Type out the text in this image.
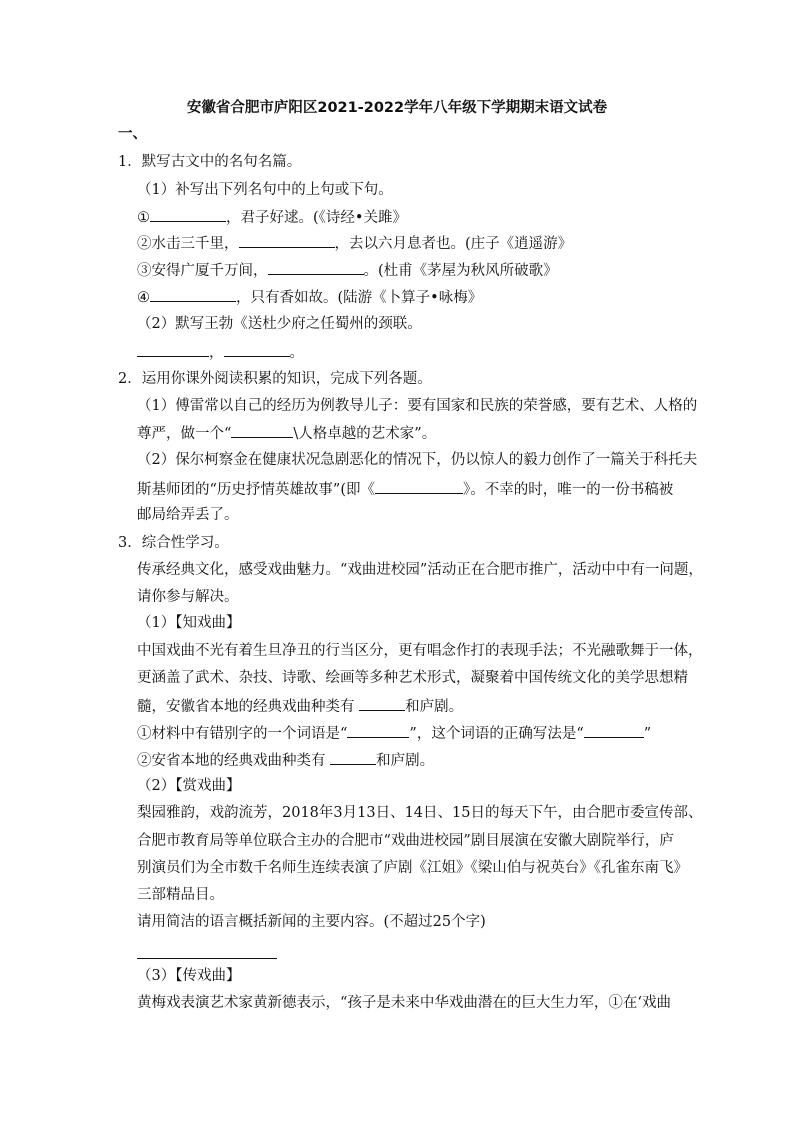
安徽省合肥市庐阳区2021-2022学年八年级下学期期末语文试卷
一、
1．默写古文中的名句名篇。
（1）补写出下列名句中的上句或下句。
①	，君子好逑。(《诗经•关雎》
②水击三千里，	，去以六月息者也。(庄子《逍遥游》
③安得广厦千万间，	。(杜甫《茅屋为秋风所破歌》
④	，只有香如故。(陆游《卜算子•咏梅》
（2）默写王勃《送杜少府之任蜀州的颈联。
，	。
2．运用你课外阅读积累的知识，完成下列各题。
（1）傅雷常以自己的经历为例教导儿子：要有国家和民族的荣誉感，要有艺术、人格的
尊严，做一个“	\人格卓越的艺术家”。
（2）保尔柯察金在健康状况急剧恶化的情况下，仍以惊人的毅力创作了一篇关于科托夫
斯基师团的“历史抒情英雄故事”(即《	》。不幸的时，唯一的一份书稿被
邮局给弄丢了。
3．综合性学习。
传承经典文化，感受戏曲魅力。“戏曲进校园”活动正在合肥市推广，活动中中有一问题，
请你参与解决。
（1）【知戏曲】
中国戏曲不光有着生旦净丑的行当区分，更有唱念作打的表现手法；不光融歌舞于一体，
更涵盖了武术、杂技、诗歌、绘画等多种艺术形式，凝聚着中国传统文化的美学思想精
髓，安徽省本地的经典戏曲种类有	和庐剧。
①材料中有错别字的一个词语是“	”，这个词语的正确写法是“	”
②安省本地的经典戏曲种类有	和庐剧。
（2）【赏戏曲】
梨园雅韵，戏韵流芳，2018年3月13日、14日、15日的每天下午，由合肥市委宣传部、
合肥市教育局等单位联合主办的合肥市“戏曲进校园”剧目展演在安徽大剧院举行，庐
别演员们为全市数千名师生连续表演了庐剧《江姐》《梁山伯与祝英台》《孔雀东南飞》
三部精品目。
请用简洁的语言概括新闻的主要内容。(不超过25个字)
（3）【传戏曲】
黄梅戏表演艺术家黄新德表示，“孩子是未来中华戏曲潜在的巨大生力军，①在‘戏曲
